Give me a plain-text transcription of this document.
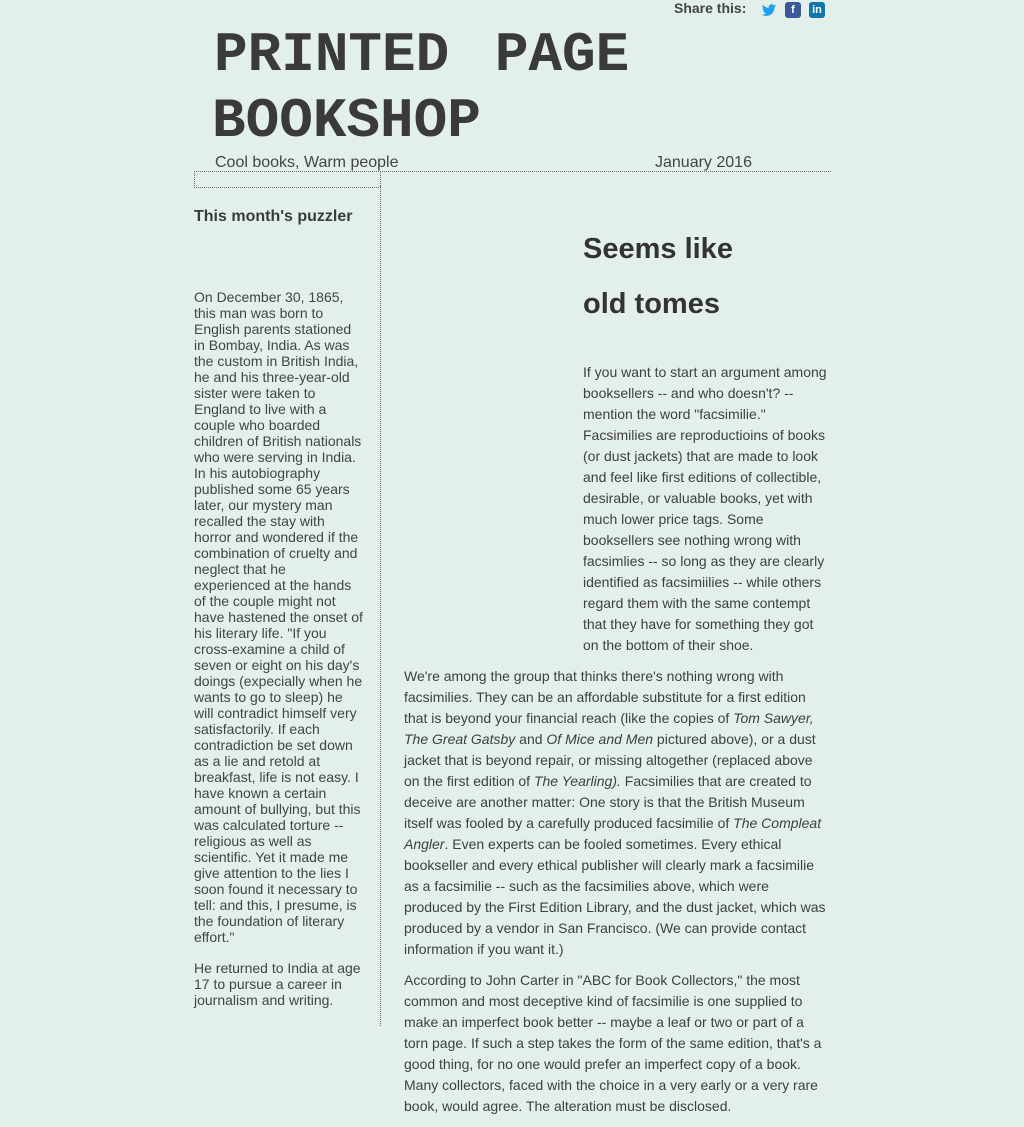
Share this:	f	in
PRINTED PAGE
BOOKSHOP
Cool books, Warm people	January 2016
This month's puzzler

On December 30, 1865, this man was born to English parents stationed in Bombay, India. As was the custom in British India, he and his three-year-old sister were taken to England to live with a couple who boarded children of British nationals who were serving in India.

In his autobiography published some 65 years later, our mystery man recalled the stay with horror and wondered if the combination of cruelty and neglect that he experienced at the hands of the couple might not have hastened the onset of his literary life. "If you cross-examine a child of seven or eight on his day's doings (expecially when he wants to go to sleep) he will contradict himself very satisfactorily. If each contradiction be set down as a lie and retold at breakfast, life is not easy. I have known a certain amount of bullying, but this was calculated torture -- religious as well as scientific. Yet it made me give attention to the lies I soon found it necessary to tell: and this, I presume, is the foundation of literary effort."

He returned to India at age 17 to pursue a career in journalism and writing.

Seems like
old tomes

If you want to start an argument among booksellers -- and who doesn't? -- mention the word "facsimilie." Facsimilies are reproductioins of books (or dust jackets) that are made to look and feel like first editions of collectible, desirable, or valuable books, yet with much lower price tags. Some booksellers see nothing wrong with facsimlies -- so long as they are clearly identified as facsimiilies -- while others regard them with the same contempt that they have for something they got on the bottom of their shoe.

We're among the group that thinks there's nothing wrong with facsimilies. They can be an affordable substitute for a first edition that is beyond your financial reach (like the copies of Tom Sawyer, The Great Gatsby and Of Mice and Men pictured above), or a dust jacket that is beyond repair, or missing altogether (replaced above on the first edition of The Yearling). Facsimilies that are created to deceive are another matter: One story is that the British Museum itself was fooled by a carefully produced facsimilie of The Compleat Angler. Even experts can be fooled sometimes. Every ethical bookseller and every ethical publisher will clearly mark a facsimilie as a facsimilie -- such as the facsimilies above, which were produced by the First Edition Library, and the dust jacket, which was produced by a vendor in San Francisco. (We can provide contact information if you want it.)

According to John Carter in "ABC for Book Collectors," the most common and most deceptive kind of facsimilie is one supplied to make an imperfect book better -- maybe a leaf or two or part of a torn page. If such a step takes the form of the same edition, that's a good thing, for no one would prefer an imperfect copy of a book. Many collectors, faced with the choice in a very early or a very rare book, would agree. The alteration must be disclosed.
